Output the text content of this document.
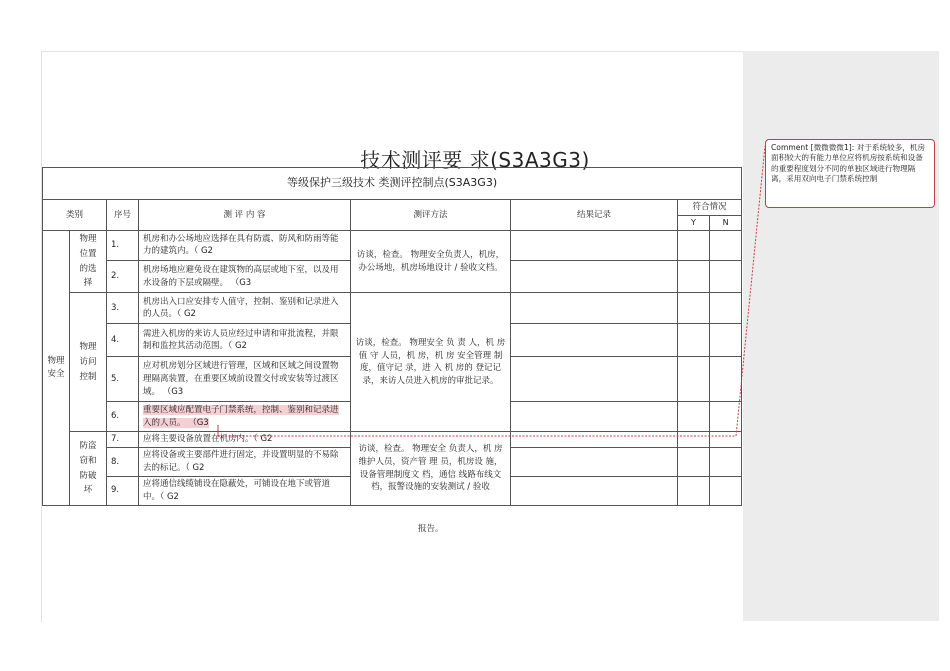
技术测评要 求(S3A3G3)
等级保护三级技术 类测评控制点(S3A3G3)							
类别		序号	测 评 内 容	测评方法	结果记录	符合情况	
						Y	N
物理安全	物理位置的选择	1.	机房和办公场地应选择在具有防震、防风和防雨等能力的建筑内。（ G2	访谈，检查。 物理安全负责人，机房，办公场地，机房场地设计 / 验收文档。			
		2.	机房场地应避免设在建筑物的高层或地下室，以及用水设备的下层或隔壁。 （G3				
	物理访问控制	3.	机房出入口应安排专人值守，控制、鉴别和记录进入的人员。（ G2	访谈，检查。 物理安全 负 责 人，机 房 值 守 人员，机 房，机 房 安全管理 制度，值守记 录，进 入 机 房的 登记记录，来访人员进入机房的审批记录。			
		4.	需进入机房的来访人员应经过申请和审批流程，并限制和监控其活动范围。（ G2				
		5.	应对机房划分区域进行管理，区域和区域之间设置物理隔离装置，在重要区域前设置交付或安装等过渡区域。 （G3				
		6.	重要区域应配置电子门禁系统，控制、鉴别和记录进入的人员。 （G3				
	防盗窃和防破坏	7.	应将主要设备放置在机房内。（ G2	访谈，检查。 物理安全 负责人，机 房维护人员，资产管 理 员，机房设 施，设备管理制度文 档，通信 线路布线文档，报警设施的安装测试 / 验收			
		8.	应将设备或主要部件进行固定，并设置明显的不易除去的标记。（ G2				
		9.	应将通信线缆铺设在隐蔽处，可铺设在地下或管道中。（ G2				
报告。
Comment [微微微微1]: 对于系统较多，机房面积较大的有能力单位应将机房按系统和设备的重要程度划分不同的单独区域进行物理隔离，采用双向电子门禁系统控制
